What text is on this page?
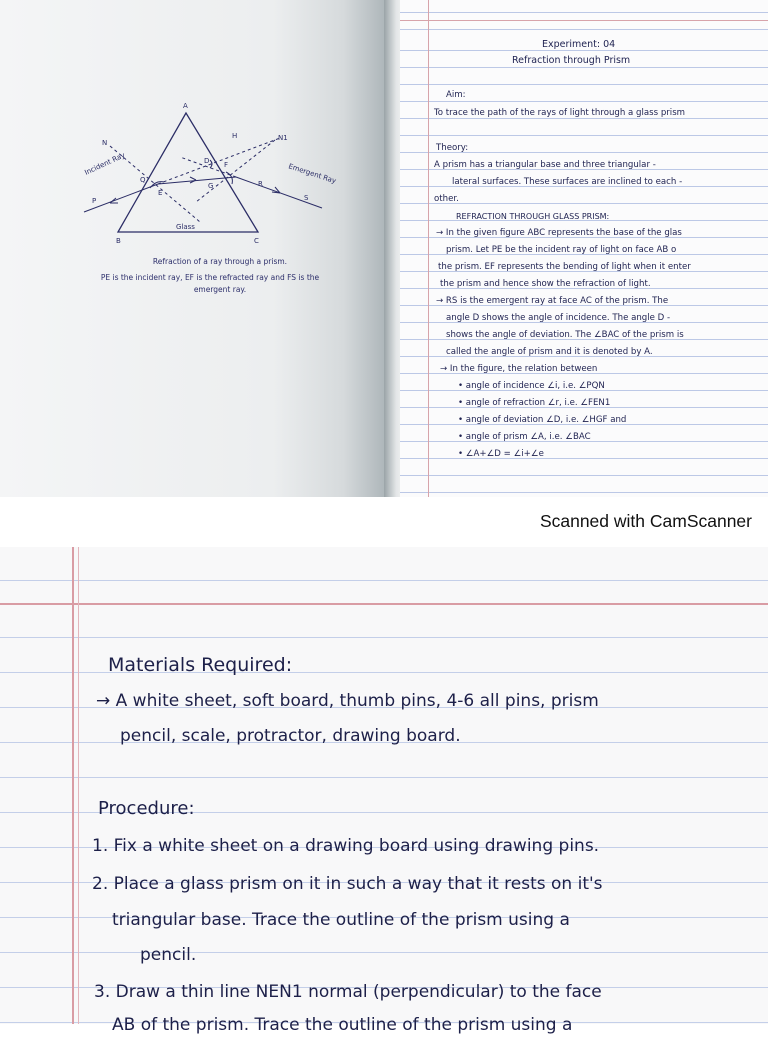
A
B	C
N
N1
H
Incident Ray	Emergent Ray
P
Q
E
F
D
G	R
S
Glass
Refraction of a ray through a prism.
PE is the incident ray, EF is the refracted ray and FS is the
emergent ray.
Experiment: 04
Refraction through Prism
Aim:
To trace the path of the rays of light through a glass prism
Theory:
A prism has a triangular base and three triangular -
lateral surfaces. These surfaces are inclined to each -
other.
REFRACTION THROUGH GLASS PRISM:
→ In the given figure ABC represents the base of the glas
prism. Let PE be the incident ray of light on face AB o
the prism. EF represents the bending of light when it enter
the prism and hence show the refraction of light.
→ RS is the emergent ray at face AC of the prism. The
angle D shows the angle of incidence. The angle D -
shows the angle of deviation. The ∠BAC of the prism is
called the angle of prism and it is denoted by A.
→ In the figure, the relation between
• angle of incidence ∠i, i.e. ∠PQN
• angle of refraction ∠r, i.e. ∠FEN1
• angle of deviation ∠D, i.e. ∠HGF and
• angle of prism ∠A, i.e. ∠BAC
• ∠A+∠D = ∠i+∠e
Scanned with CamScanner
Materials Required:
→ A white sheet, soft board, thumb pins, 4-6 all pins, prism
pencil, scale, protractor, drawing board.
Procedure:
1. Fix a white sheet on a drawing board using drawing pins.
2. Place a glass prism on it in such a way that it rests on it's
triangular base. Trace the outline of the prism using a
pencil.
3. Draw a thin line NEN1 normal (perpendicular) to the face
AB of the prism. Trace the outline of the prism using a
